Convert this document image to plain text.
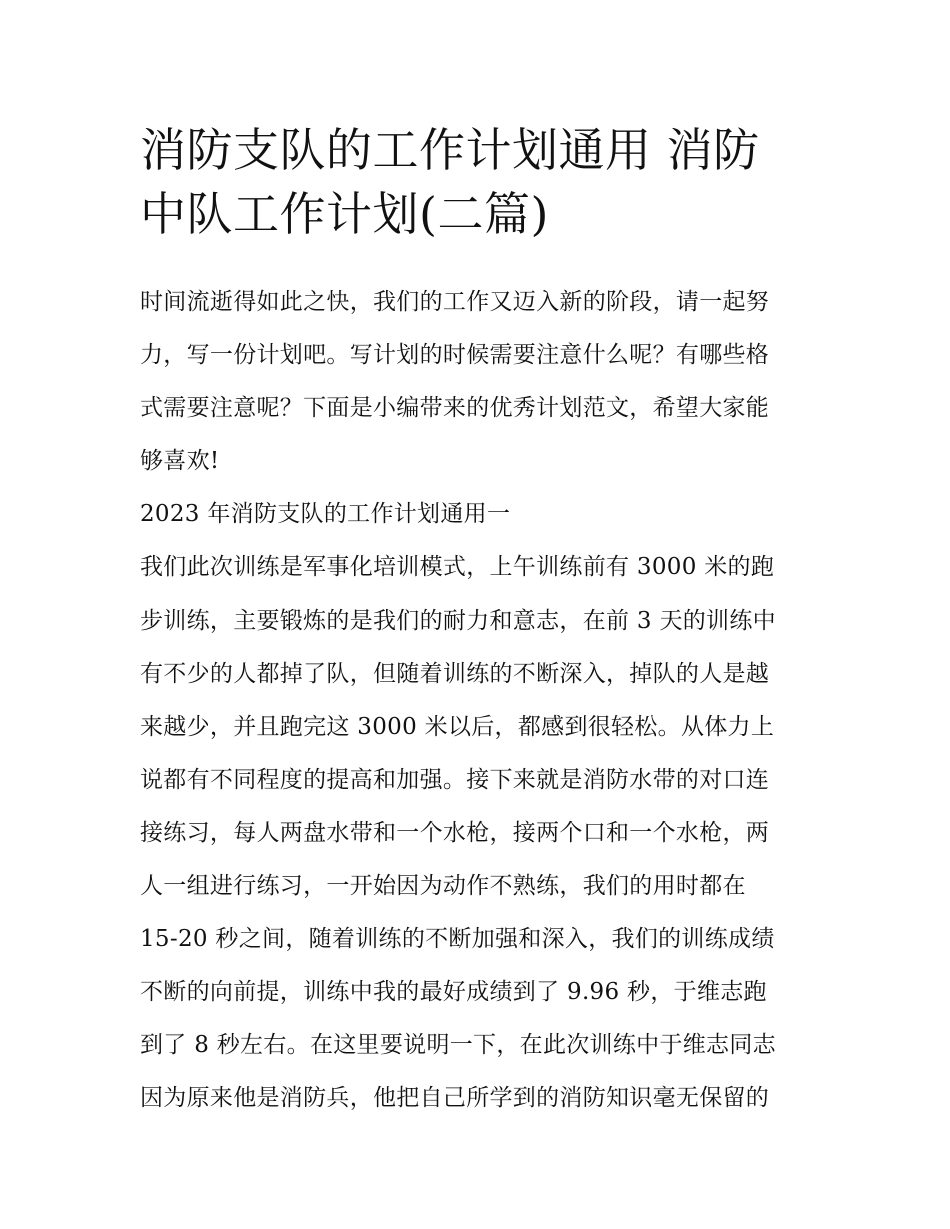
消防支队的工作计划通用 消防
中队工作计划(二篇)
时间流逝得如此之快，我们的工作又迈入新的阶段，请一起努
力，写一份计划吧。写计划的时候需要注意什么呢？有哪些格
式需要注意呢？下面是小编带来的优秀计划范文，希望大家能
够喜欢!
2023 年消防支队的工作计划通用一
我们此次训练是军事化培训模式，上午训练前有 3000 米的跑
步训练，主要锻炼的是我们的耐力和意志，在前 3 天的训练中
有不少的人都掉了队，但随着训练的不断深入，掉队的人是越
来越少，并且跑完这 3000 米以后，都感到很轻松。从体力上
说都有不同程度的提高和加强。接下来就是消防水带的对口连
接练习，每人两盘水带和一个水枪，接两个口和一个水枪，两
人一组进行练习，一开始因为动作不熟练，我们的用时都在
15-20 秒之间，随着训练的不断加强和深入，我们的训练成绩
不断的向前提，训练中我的最好成绩到了 9.96 秒，于维志跑
到了 8 秒左右。在这里要说明一下，在此次训练中于维志同志
因为原来他是消防兵，他把自己所学到的消防知识毫无保留的
